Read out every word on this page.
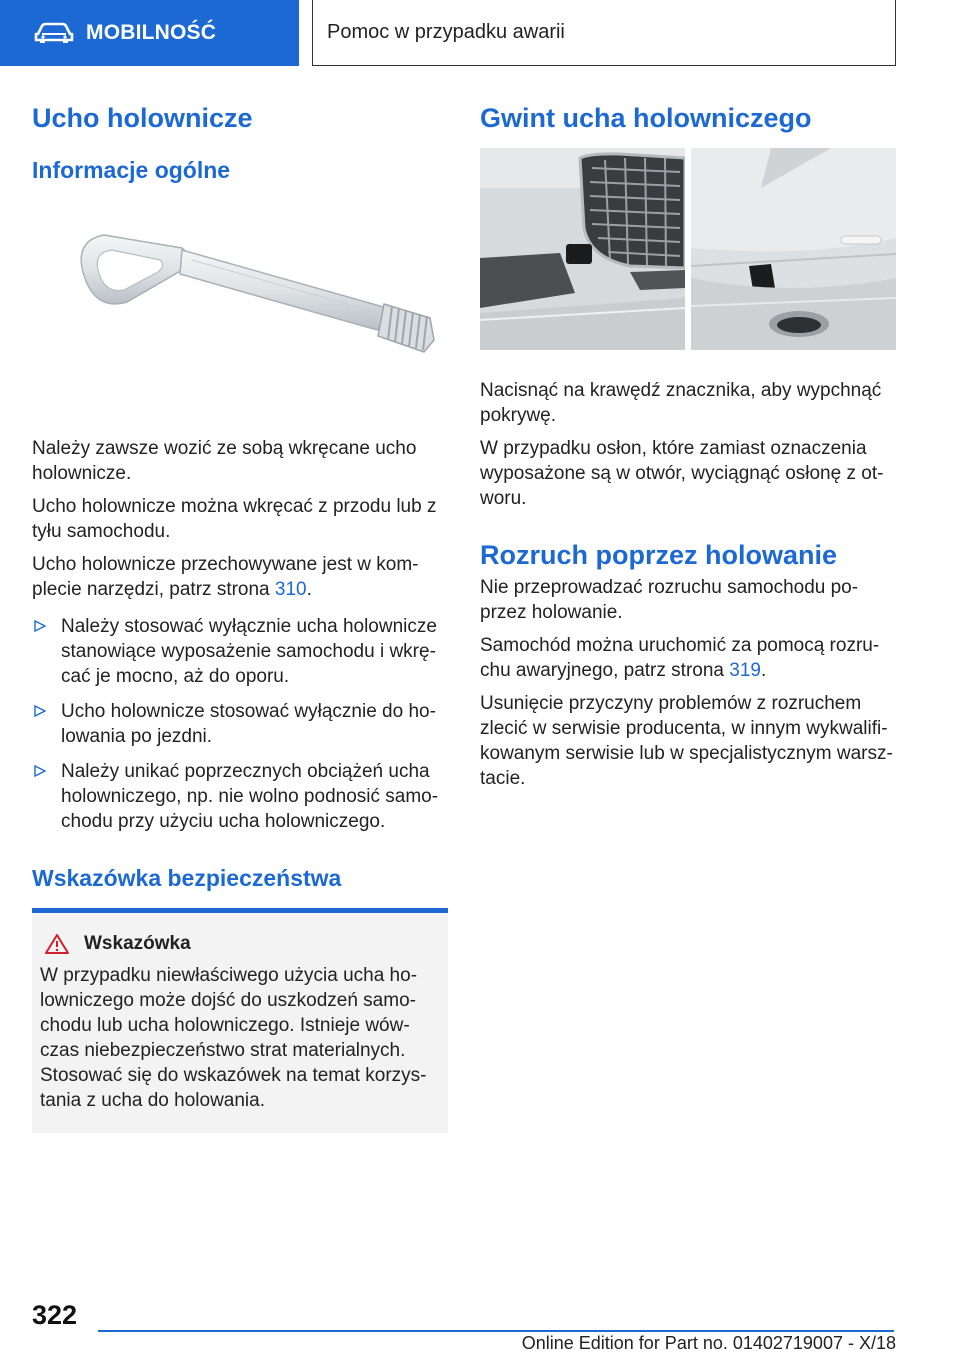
MOBILNOŚĆ	Pomoc w przypadku awarii
Ucho holownicze
Informacje ogólne

Należy zawsze wozić ze sobą wkręcane ucho holownicze.

Ucho holownicze można wkręcać z przodu lub z tyłu samochodu.

Ucho holownicze przechowywane jest w komplecie narzędzi, patrz strona 310.

Należy stosować wyłącznie ucha holownicze stanowiące wyposażenie samochodu i wkręcać je mocno, aż do oporu.
Ucho holownicze stosować wyłącznie do holowania po jezdni.
Należy unikać poprzecznych obciążeń ucha holowniczego, np. nie wolno podnosić samochodu przy użyciu ucha holowniczego.
Wskazówka bezpieczeństwa
Wskazówka

W przypadku niewłaściwego użycia ucha holowniczego może dojść do uszkodzeń samochodu lub ucha holowniczego. Istnieje wówczas niebezpieczeństwo strat materialnych. Stosować się do wskazówek na temat korzystania z ucha do holowania.

Gwint ucha holowniczego

Nacisnąć na krawędź znacznika, aby wypchnąć pokrywę.

W przypadku osłon, które zamiast oznaczenia wyposażone są w otwór, wyciągnąć osłonę z otworu.

Rozruch poprzez holowanie

Nie przeprowadzać rozruchu samochodu poprzez holowanie.

Samochód można uruchomić za pomocą rozruchu awaryjnego, patrz strona 319.

Usunięcie przyczyny problemów z rozruchem zlecić w serwisie producenta, w innym wykwalifikowanym serwisie lub w specjalistycznym warsztacie.

322
Online Edition for Part no. 01402719007 - X/18
